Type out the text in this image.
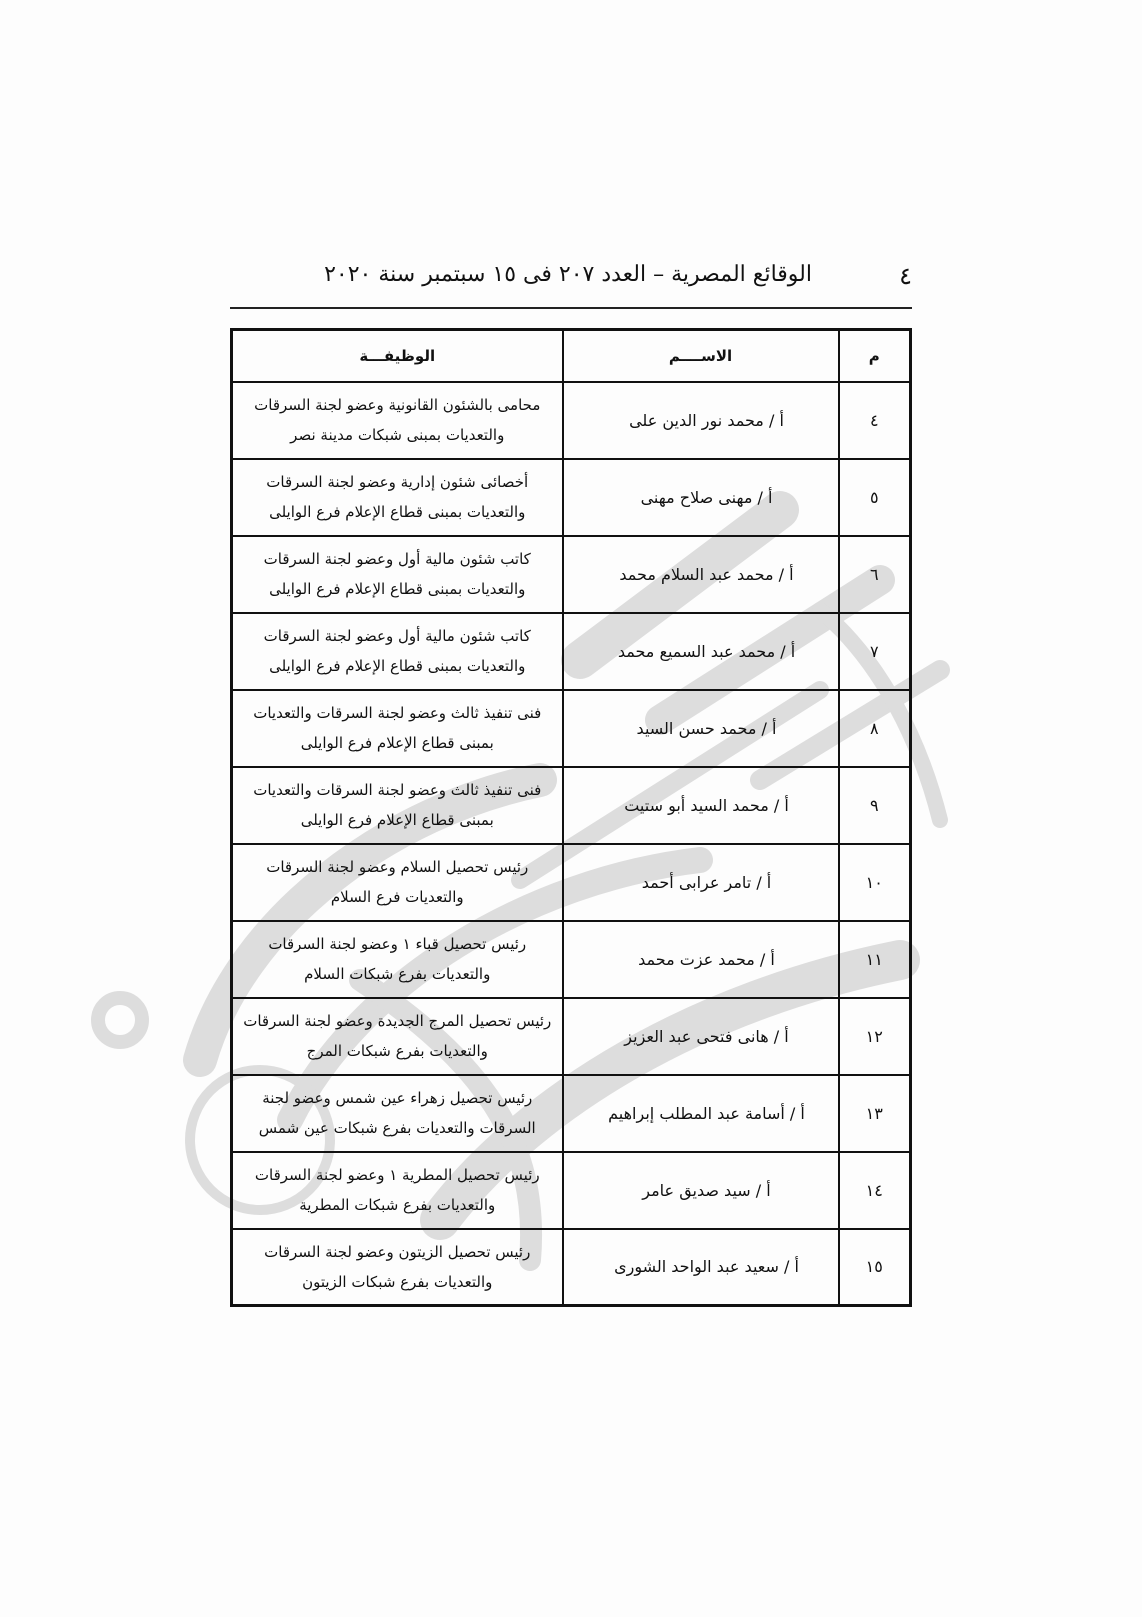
٤
الوقائع المصرية – العدد ٢٠٧ فى ١٥ سبتمبر سنة ٢٠٢٠
م	الاســــم	الوظيفـــة
٤	أ / محمد نور الدين على	محامى بالشئون القانونية وعضو لجنة السرقات والتعديات بمبنى شبكات مدينة نصر
٥	أ / مهنى صلاح مهنى	أخصائى شئون إدارية وعضو لجنة السرقات والتعديات بمبنى قطاع الإعلام فرع الوايلى
٦	أ / محمد عبد السلام محمد	كاتب شئون مالية أول وعضو لجنة السرقات والتعديات بمبنى قطاع الإعلام فرع الوايلى
٧	أ / محمد عبد السميع محمد	كاتب شئون مالية أول وعضو لجنة السرقات والتعديات بمبنى قطاع الإعلام فرع الوايلى
٨	أ / محمد حسن السيد	فنى تنفيذ ثالث وعضو لجنة السرقات والتعديات بمبنى قطاع الإعلام فرع الوايلى
٩	أ / محمد السيد أبو ستيت	فنى تنفيذ ثالث وعضو لجنة السرقات والتعديات بمبنى قطاع الإعلام فرع الوايلى
١٠	أ / تامر عرابى أحمد	رئيس تحصيل السلام وعضو لجنة السرقات والتعديات فرع السلام
١١	أ / محمد عزت محمد	رئيس تحصيل قباء ١ وعضو لجنة السرقات والتعديات بفرع شبكات السلام
١٢	أ / هانى فتحى عبد العزيز	رئيس تحصيل المرج الجديدة وعضو لجنة السرقات والتعديات بفرع شبكات المرج
١٣	أ / أسامة عبد المطلب إبراهيم	رئيس تحصيل زهراء عين شمس وعضو لجنة السرقات والتعديات بفرع شبكات عين شمس
١٤	أ / سيد صديق عامر	رئيس تحصيل المطرية ١ وعضو لجنة السرقات والتعديات بفرع شبكات المطرية
١٥	أ / سعيد عبد الواحد الشورى	رئيس تحصيل الزيتون وعضو لجنة السرقات والتعديات بفرع شبكات الزيتون
